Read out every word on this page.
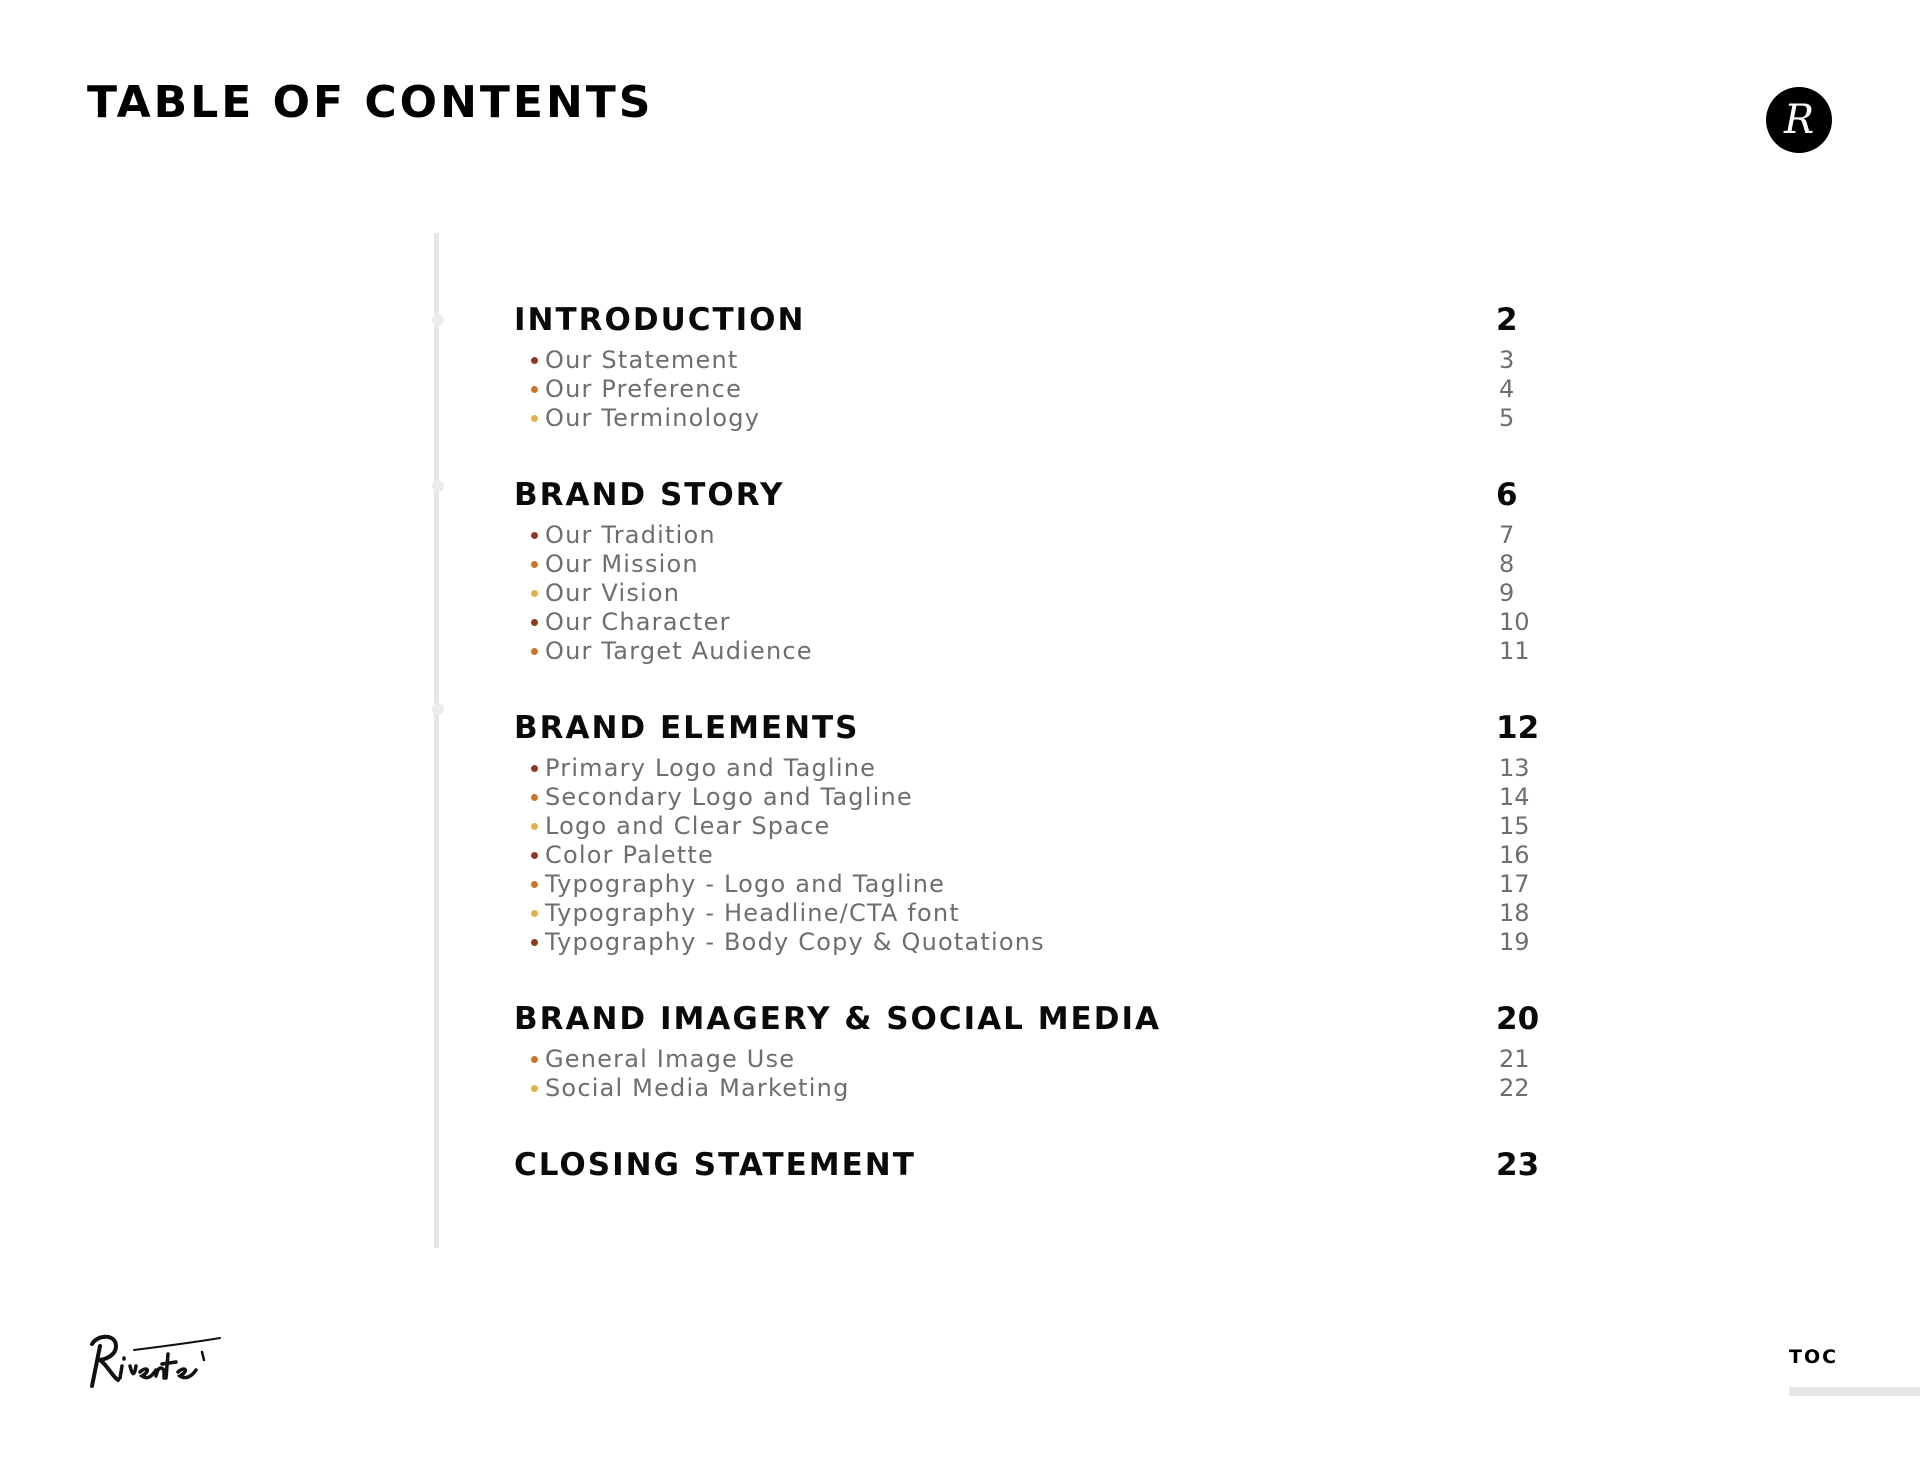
TABLE OF CONTENTS	R
INTRODUCTION	2
Our Statement	3
Our Preference	4
Our Terminology	5
BRAND STORY	6
Our Tradition	7
Our Mission	8
Our Vision	9
Our Character	10
Our Target Audience	11
BRAND ELEMENTS	12
Primary Logo and Tagline	13
Secondary Logo and Tagline	14
Logo and Clear Space	15
Color Palette	16
Typography - Logo and Tagline	17
Typography - Headline/CTA font	18
Typography - Body Copy & Quotations	19
BRAND IMAGERY & SOCIAL MEDIA	20
General Image Use	21
Social Media Marketing	22
CLOSING STATEMENT	23
TOC
